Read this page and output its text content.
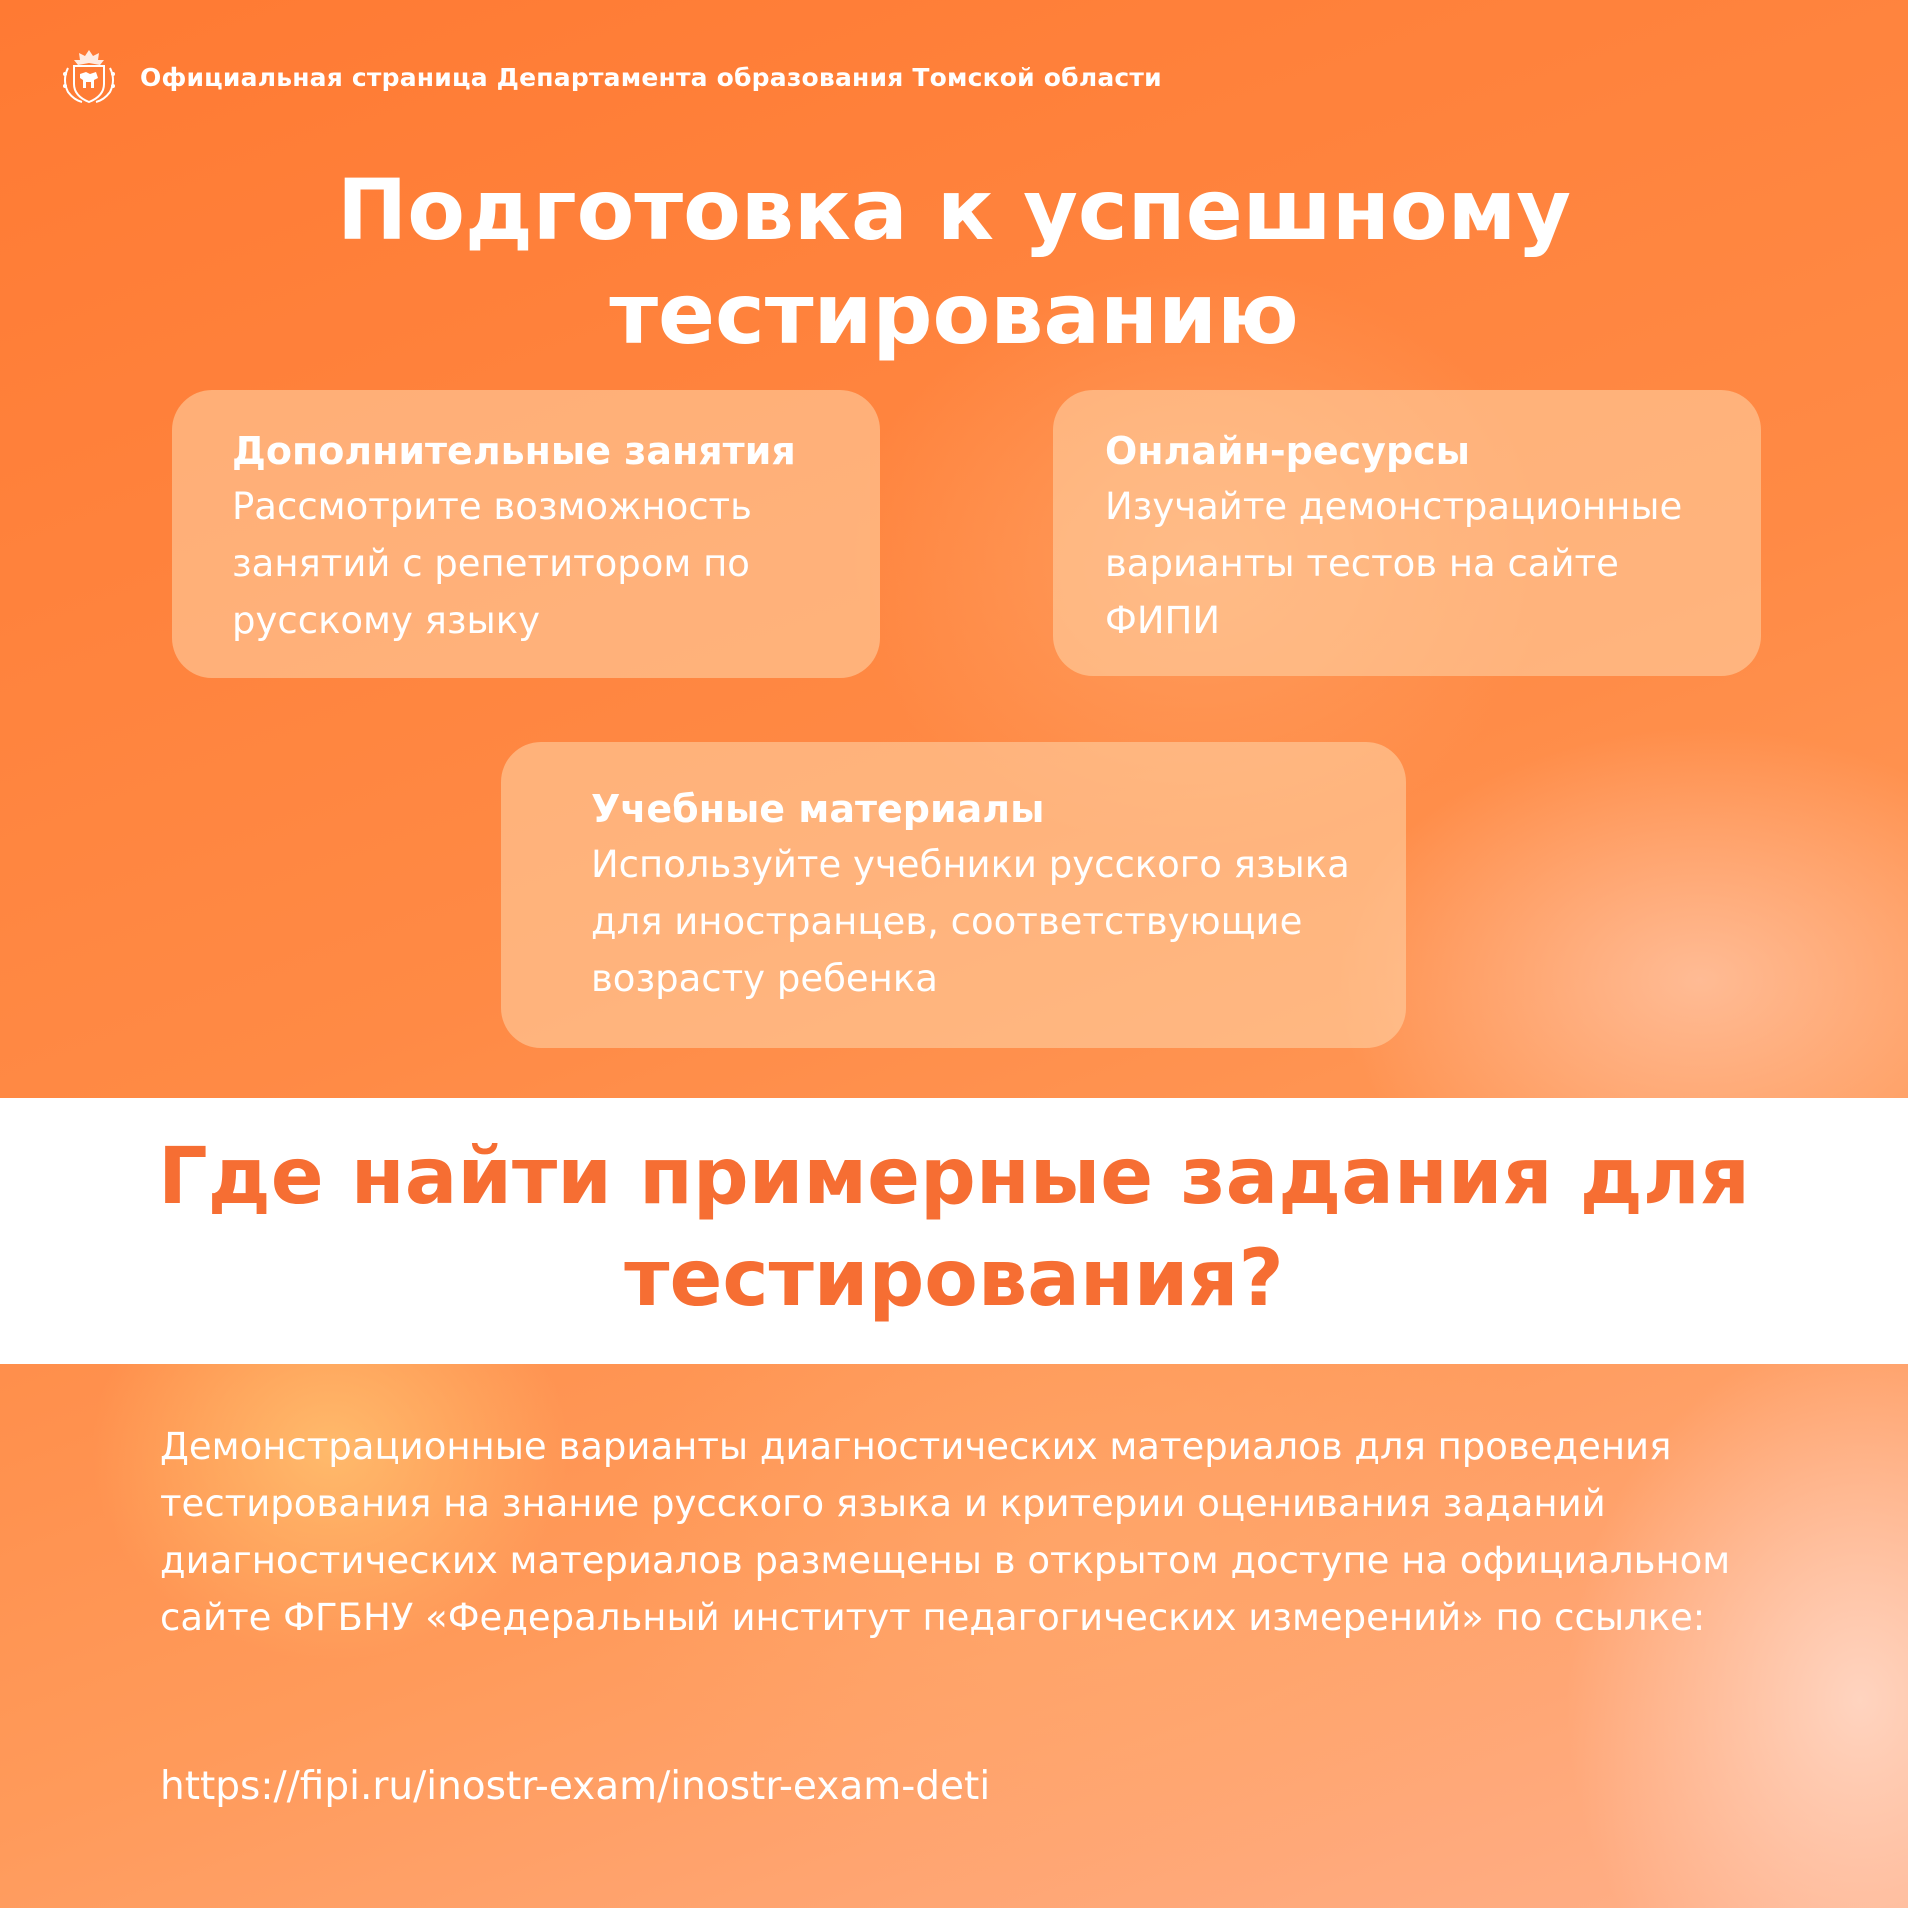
Официальная страница Департамента образования Томской области
Подготовка к успешному тестированию

Дополнительные занятия

Рассмотрите возможность занятий с репетитором по русскому языку

Онлайн-ресурсы

Изучайте демонстрационные варианты тестов на сайте ФИПИ

Учебные материалы

Используйте учебники русского языка для иностранцев, соответствующие возрасту ребенка

Где найти примерные задания для тестирования?

Демонстрационные варианты диагностических материалов для проведения тестирования на знание русского языка и критерии оценивания заданий диагностических материалов размещены в открытом доступе на официальном сайте ФГБНУ «Федеральный институт педагогических измерений» по ссылке:

https://fipi.ru/inostr-exam/inostr-exam-deti
